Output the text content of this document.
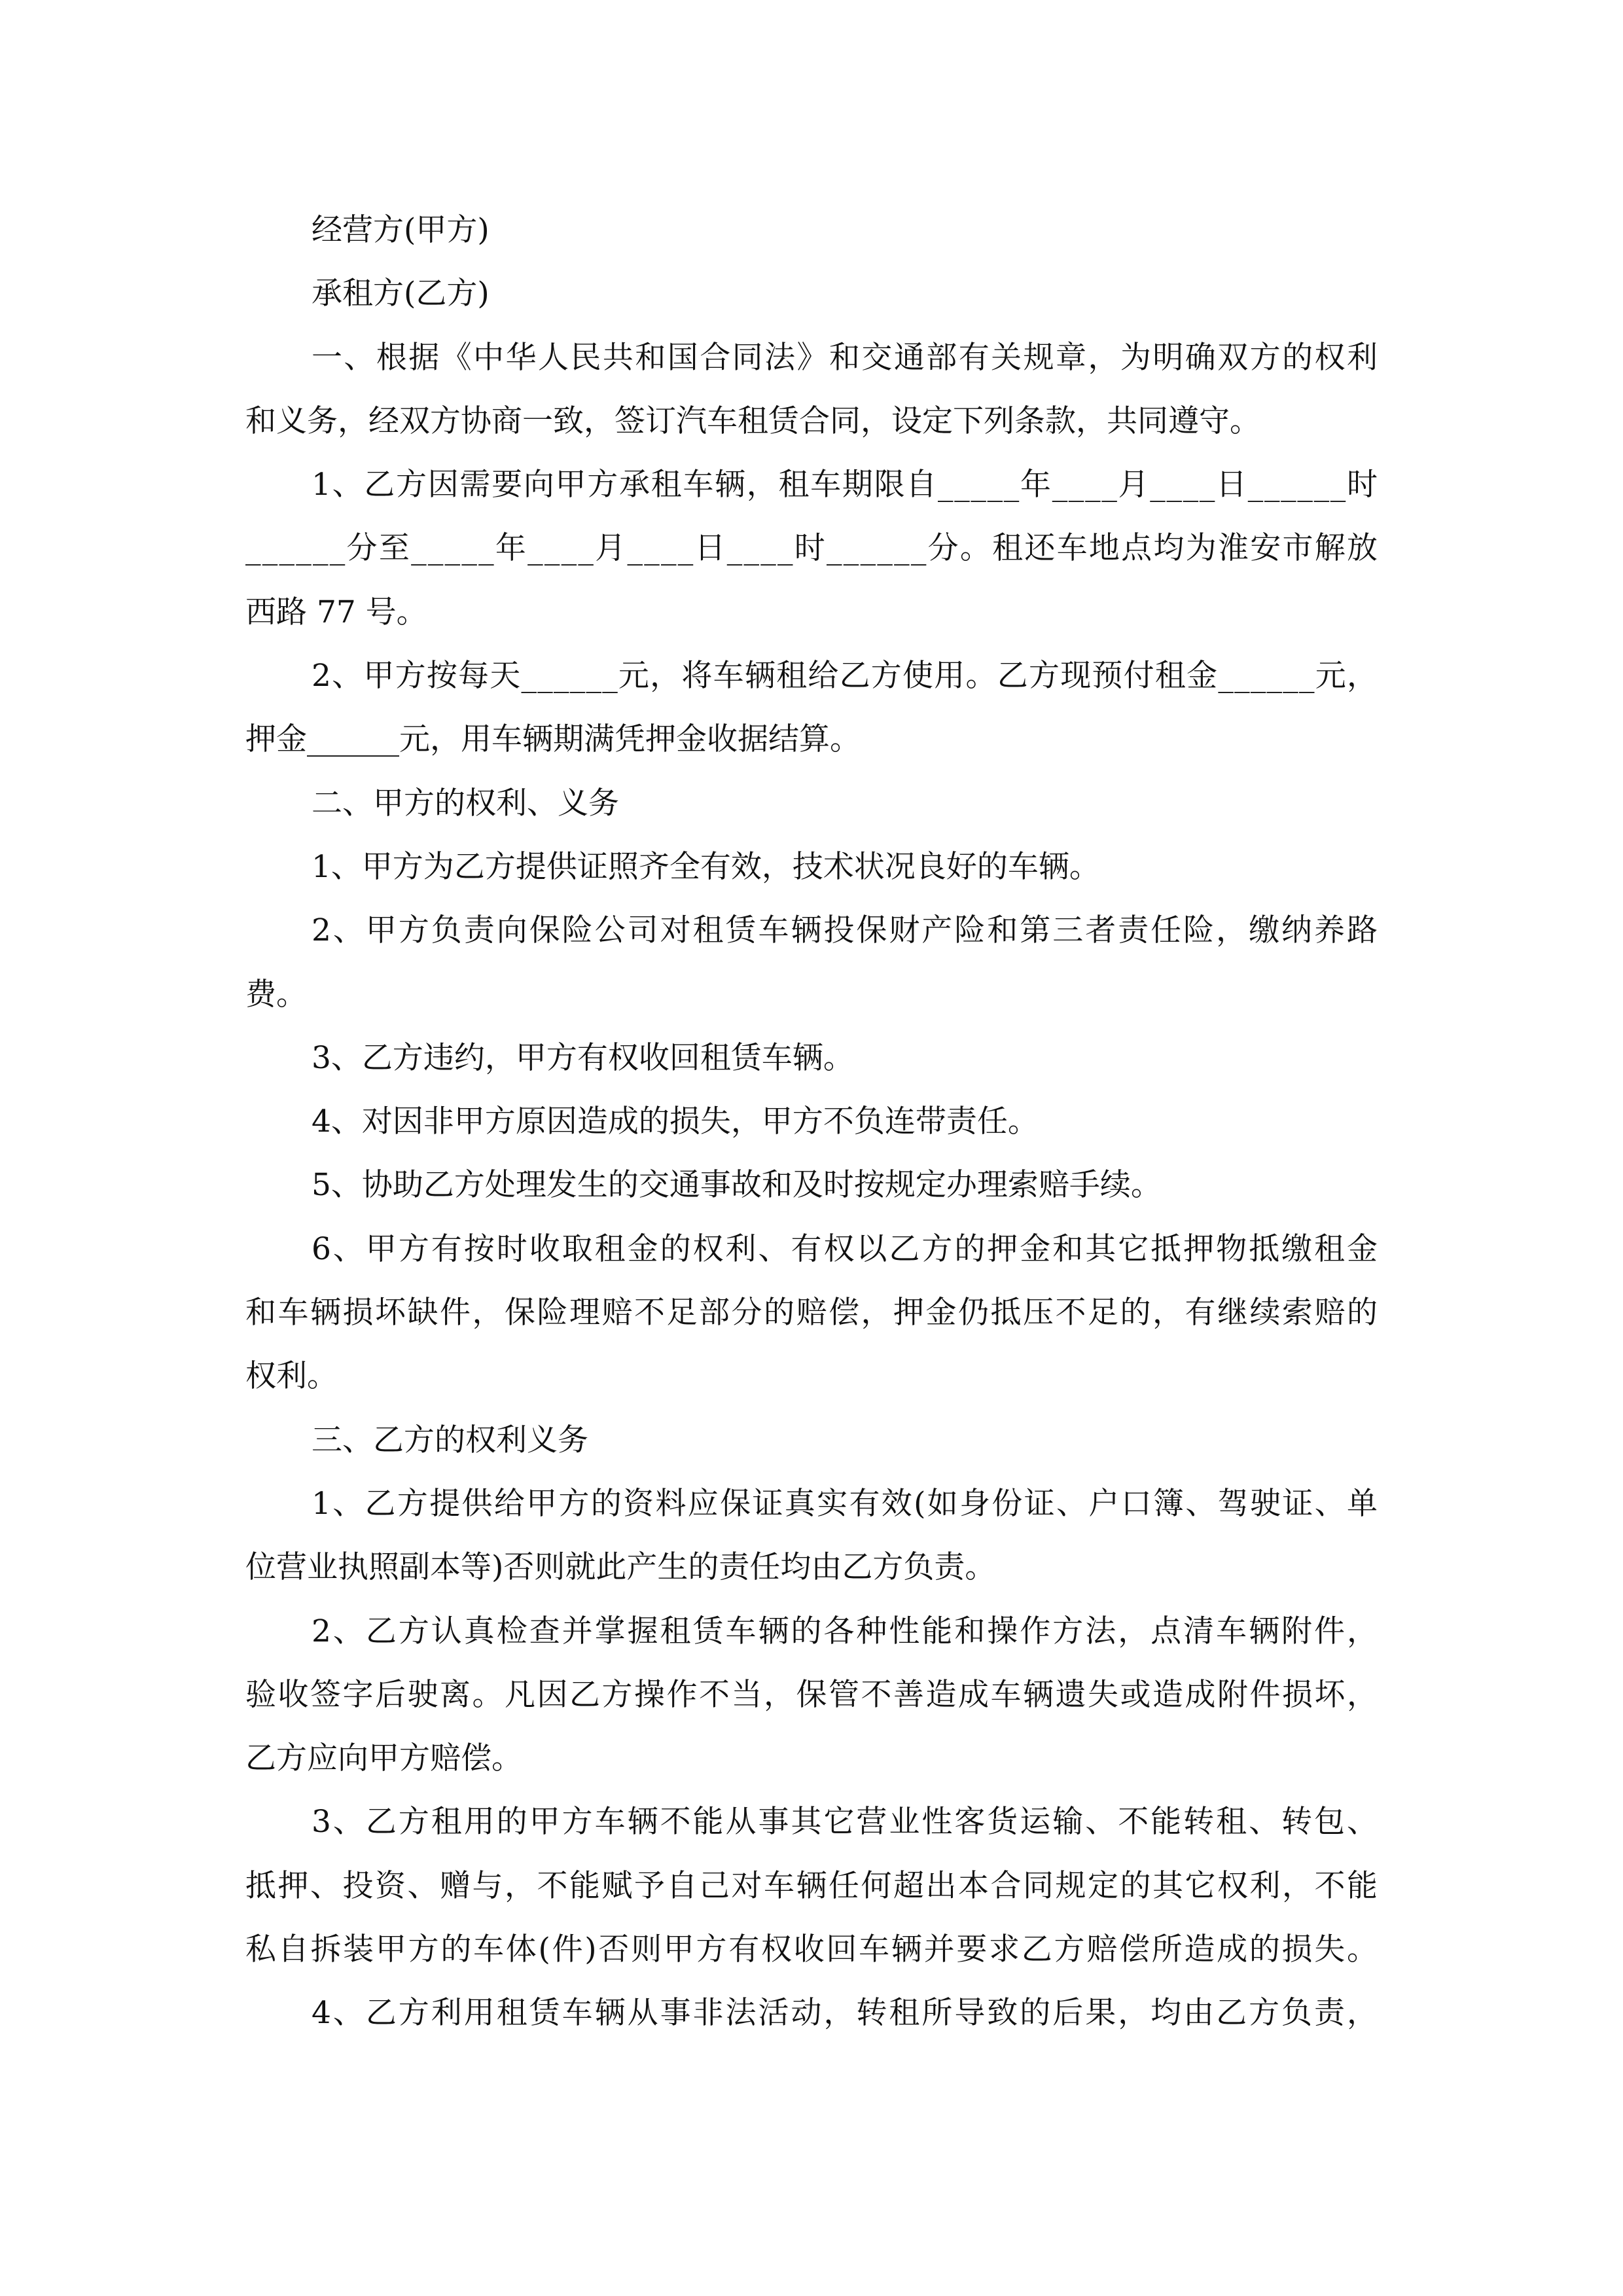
经营方(甲方)
承租方(乙方)
一、根据《中华人民共和国合同法》和交通部有关规章，为明确双方的权利
和义务，经双方协商一致，签订汽车租赁合同，设定下列条款，共同遵守。
1、乙方因需要向甲方承租车辆，租车期限自_____年____月____日______时
______分至_____年____月____日____时______分。租还车地点均为淮安市解放
西路 77 号。
2、甲方按每天______元，将车辆租给乙方使用。乙方现预付租金______元，
押金______元，用车辆期满凭押金收据结算。
二、甲方的权利、义务
1、甲方为乙方提供证照齐全有效，技术状况良好的车辆。
2、甲方负责向保险公司对租赁车辆投保财产险和第三者责任险，缴纳养路
费。
3、乙方违约，甲方有权收回租赁车辆。
4、对因非甲方原因造成的损失，甲方不负连带责任。
5、协助乙方处理发生的交通事故和及时按规定办理索赔手续。
6、甲方有按时收取租金的权利、有权以乙方的押金和其它抵押物抵缴租金
和车辆损坏缺件，保险理赔不足部分的赔偿，押金仍抵压不足的，有继续索赔的
权利。
三、乙方的权利义务
1、乙方提供给甲方的资料应保证真实有效(如身份证、户口簿、驾驶证、单
位营业执照副本等)否则就此产生的责任均由乙方负责。
2、乙方认真检查并掌握租赁车辆的各种性能和操作方法，点清车辆附件，
验收签字后驶离。凡因乙方操作不当，保管不善造成车辆遗失或造成附件损坏，
乙方应向甲方赔偿。
3、乙方租用的甲方车辆不能从事其它营业性客货运输、不能转租、转包、
抵押、投资、赠与，不能赋予自己对车辆任何超出本合同规定的其它权利，不能
私自拆装甲方的车体(件)否则甲方有权收回车辆并要求乙方赔偿所造成的损失。
4、乙方利用租赁车辆从事非法活动，转租所导致的后果，均由乙方负责，
